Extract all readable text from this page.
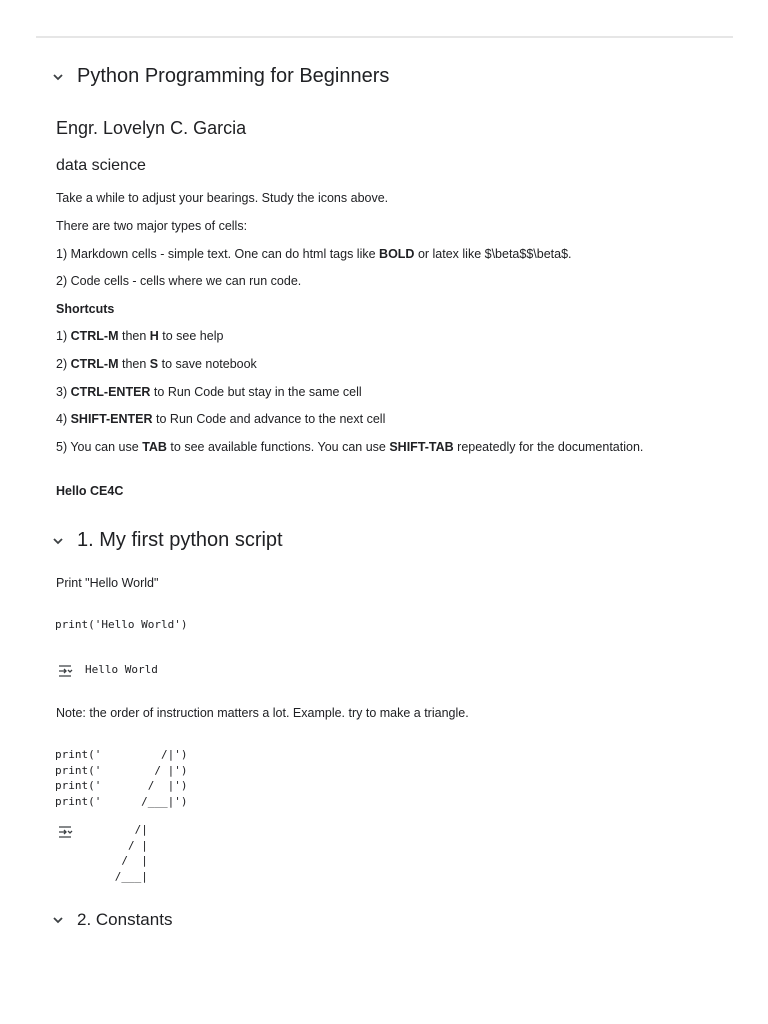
Python Programming for Beginners
Engr. Lovelyn C. Garcia
data science
Take a while to adjust your bearings. Study the icons above.
There are two major types of cells:
1) Markdown cells - simple text. One can do html tags like BOLD or latex like $\beta$$\beta$.
2) Code cells - cells where we can run code.
Shortcuts
1) CTRL-M then H to see help
2) CTRL-M then S to save notebook
3) CTRL-ENTER to Run Code but stay in the same cell
4) SHIFT-ENTER to Run Code and advance to the next cell
5) You can use TAB to see available functions. You can use SHIFT-TAB repeatedly for the documentation.
Hello CE4C
1. My first python script
Print "Hello World"
print('Hello World')
Hello World
Note: the order of instruction matters a lot. Example. try to make a triangle.
print('         /|')
print('        / |')
print('       /  |')
print('      /___|')
/|
/ |
/  |
/___|
2. Constants
